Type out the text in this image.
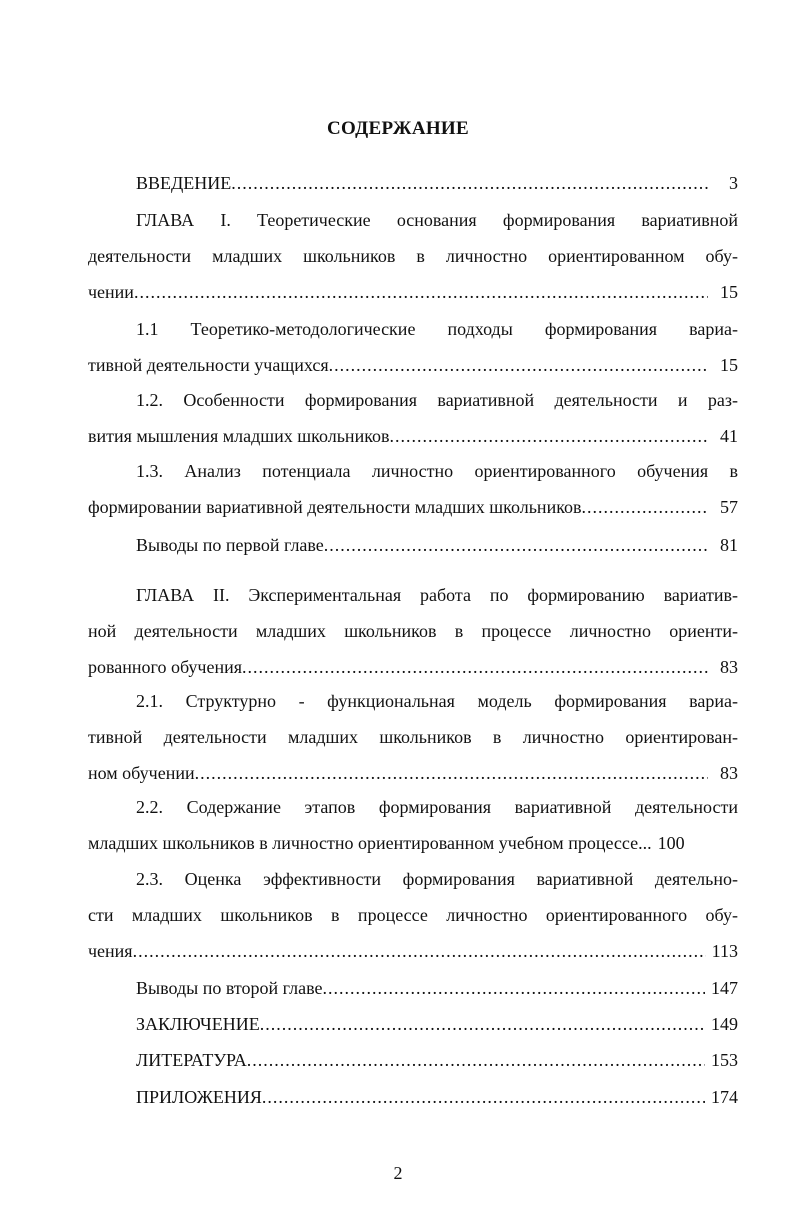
СОДЕРЖАНИЕ
ВВЕДЕНИЕ .....	3
ГЛАВА I. Теоретические основания формирования вариативной
деятельности младших школьников в личностно ориентированном обу-
чении .....	15
1.1 Теоретико-методологические подходы формирования вариа-
тивной деятельности учащихся .....	15
1.2. Особенности формирования вариативной деятельности и раз-
вития мышления младших школьников .....	41
1.3. Анализ потенциала личностно ориентированного обучения в
формировании вариативной деятельности младших школьников .....	57
Выводы по первой главе .....	81
ГЛАВА II. Экспериментальная работа по формированию вариатив-
ной деятельности младших школьников в процессе личностно ориенти-
рованного обучения .....	83
2.1. Структурно - функциональная модель формирования вариа-
тивной деятельности младших школьников в личностно ориентирован-
ном обучении .....	83
2.2. Содержание этапов формирования вариативной деятельности
младших школьников в личностно ориентированном учебном процессе... 100
2.3. Оценка эффективности формирования вариативной деятельно-
сти младших школьников в процессе личностно ориентированного обу-
чения .....	113
Выводы по второй главе .....	147
ЗАКЛЮЧЕНИЕ .....	149
ЛИТЕРАТУРА .....	153
ПРИЛОЖЕНИЯ .....	174
2
